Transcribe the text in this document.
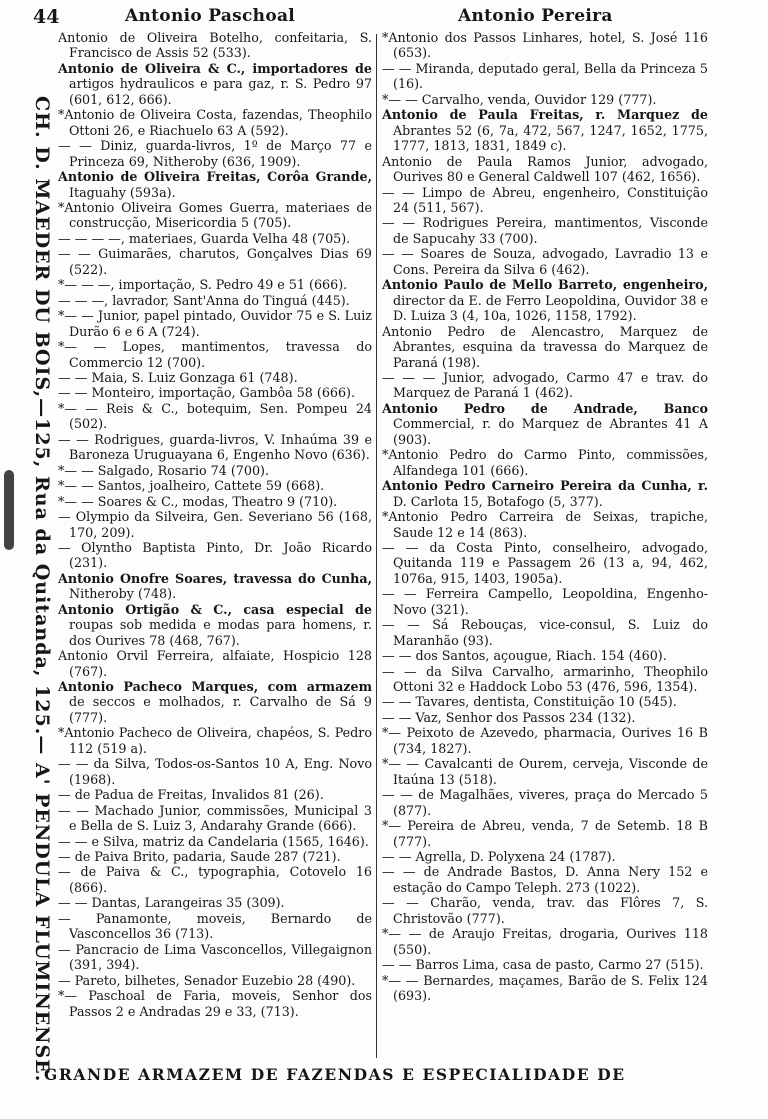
44	Antonio Paschoal	Antonio Pereira
CH. D. MAEDER DU BOIS,—125, Rua da Quitanda, 125.— A' PENDULA FLUMINENSE.

Antonio de Oliveira Botelho, confeitaria, S. Francisco de Assis 52 (533).

Antonio de Oliveira & C., importadores de artigos hydraulicos e para gaz, r. S. Pedro 97 (601, 612, 666).

*Antonio de Oliveira Costa, fazendas, Theophilo Ottoni 26, e Riachuelo 63 A (592).

— — Diniz, guarda-livros, 1º de Março 77 e Princeza 69, Nitheroby (636, 1909).

Antonio de Oliveira Freitas, Corôa Grande, Itaguahy (593a).

*Antonio Oliveira Gomes Guerra, materiaes de construcção, Misericordia 5 (705).

— — — —, materiaes, Guarda Velha 48 (705).

— — Guimarães, charutos, Gonçalves Dias 69 (522).

*— — —, importação, S. Pedro 49 e 51 (666).

— — —, lavrador, Sant'Anna do Tinguá (445).

*— — Junior, papel pintado, Ouvidor 75 e S. Luiz Durão 6 e 6 A (724).

*— — Lopes, mantimentos, travessa do Commercio 12 (700).

— — Maia, S. Luiz Gonzaga 61 (748).

— — Monteiro, importação, Gambôa 58 (666).

*— — Reis & C., botequim, Sen. Pompeu 24 (502).

— — Rodrigues, guarda-livros, V. Inhaúma 39 e Baroneza Uruguayana 6, Engenho Novo (636).

*— — Salgado, Rosario 74 (700).

*— — Santos, joalheiro, Cattete 59 (668).

*— — Soares & C., modas, Theatro 9 (710).

— Olympio da Silveira, Gen. Severiano 56 (168, 170, 209).

— Olyntho Baptista Pinto, Dr. João Ricardo (231).

Antonio Onofre Soares, travessa do Cunha, Nitheroby (748).

Antonio Ortigão & C., casa especial de roupas sob medida e modas para homens, r. dos Ourives 78 (468, 767).

Antonio Orvil Ferreira, alfaiate, Hospicio 128 (767).

Antonio Pacheco Marques, com armazem de seccos e molhados, r. Carvalho de Sá 9 (777).

*Antonio Pacheco de Oliveira, chapéos, S. Pedro 112 (519 a).

— — da Silva, Todos-os-Santos 10 A, Eng. Novo (1968).

— de Padua de Freitas, Invalidos 81 (26).

— — Machado Junior, commissões, Municipal 3 e Bella de S. Luiz 3, Andarahy Grande (666).

— — e Silva, matriz da Candelaria (1565, 1646).

— de Paiva Brito, padaria, Saude 287 (721).

— de Paiva & C., typographia, Cotovelo 16 (866).

— — Dantas, Larangeiras 35 (309).

— Panamonte, moveis, Bernardo de Vasconcellos 36 (713).

— Pancracio de Lima Vasconcellos, Villegaignon (391, 394).

— Pareto, bilhetes, Senador Euzebio 28 (490).

*— Paschoal de Faria, moveis, Senhor dos Passos 2 e Andradas 29 e 33, (713).

*Antonio dos Passos Linhares, hotel, S. José 116 (653).

— — Miranda, deputado geral, Bella da Princeza 5 (16).

*— — Carvalho, venda, Ouvidor 129 (777).

Antonio de Paula Freitas, r. Marquez de Abrantes 52 (6, 7a, 472, 567, 1247, 1652, 1775, 1777, 1813, 1831, 1849 c).

Antonio de Paula Ramos Junior, advogado, Ourives 80 e General Caldwell 107 (462, 1656).

— — Limpo de Abreu, engenheiro, Constituição 24 (511, 567).

— — Rodrigues Pereira, mantimentos, Visconde de Sapucahy 33 (700).

— — Soares de Souza, advogado, Lavradio 13 e Cons. Pereira da Silva 6 (462).

Antonio Paulo de Mello Barreto, engenheiro, director da E. de Ferro Leopoldina, Ouvidor 38 e D. Luiza 3 (4, 10a, 1026, 1158, 1792).

Antonio Pedro de Alencastro, Marquez de Abrantes, esquina da travessa do Marquez de Paraná (198).

— — — Junior, advogado, Carmo 47 e trav. do Marquez de Paraná 1 (462).

Antonio Pedro de Andrade, Banco Commercial, r. do Marquez de Abrantes 41 A (903).

*Antonio Pedro do Carmo Pinto, commissões, Alfandega 101 (666).

Antonio Pedro Carneiro Pereira da Cunha, r. D. Carlota 15, Botafogo (5, 377).

*Antonio Pedro Carreira de Seixas, trapiche, Saude 12 e 14 (863).

— — da Costa Pinto, conselheiro, advogado, Quitanda 119 e Passagem 26 (13 a, 94, 462, 1076a, 915, 1403, 1905a).

— — Ferreira Campello, Leopoldina, Engenho-Novo (321).

— — Sá Rebouças, vice-consul, S. Luiz do Maranhão (93).

— — dos Santos, açougue, Riach. 154 (460).

— — da Silva Carvalho, armarinho, Theophilo Ottoni 32 e Haddock Lobo 53 (476, 596, 1354).

— — Tavares, dentista, Constituição 10 (545).

— — Vaz, Senhor dos Passos 234 (132).

*— Peixoto de Azevedo, pharmacia, Ourives 16 B (734, 1827).

*— — Cavalcanti de Ourem, cerveja, Visconde de Itaúna 13 (518).

— — de Magalhães, viveres, praça do Mercado 5 (877).

*— Pereira de Abreu, venda, 7 de Setemb. 18 B (777).

— — Agrella, D. Polyxena 24 (1787).

— — de Andrade Bastos, D. Anna Nery 152 e estação do Campo Teleph. 273 (1022).

— — Charão, venda, trav. das Flôres 7, S. Christovão (777).

*— — de Araujo Freitas, drogaria, Ourives 118 (550).

— — Barros Lima, casa de pasto, Carmo 27 (515).

*— — Bernardes, maçames, Barão de S. Felix 124 (693).

GRANDE ARMAZEM DE FAZENDAS E ESPECIALIDADE DE
